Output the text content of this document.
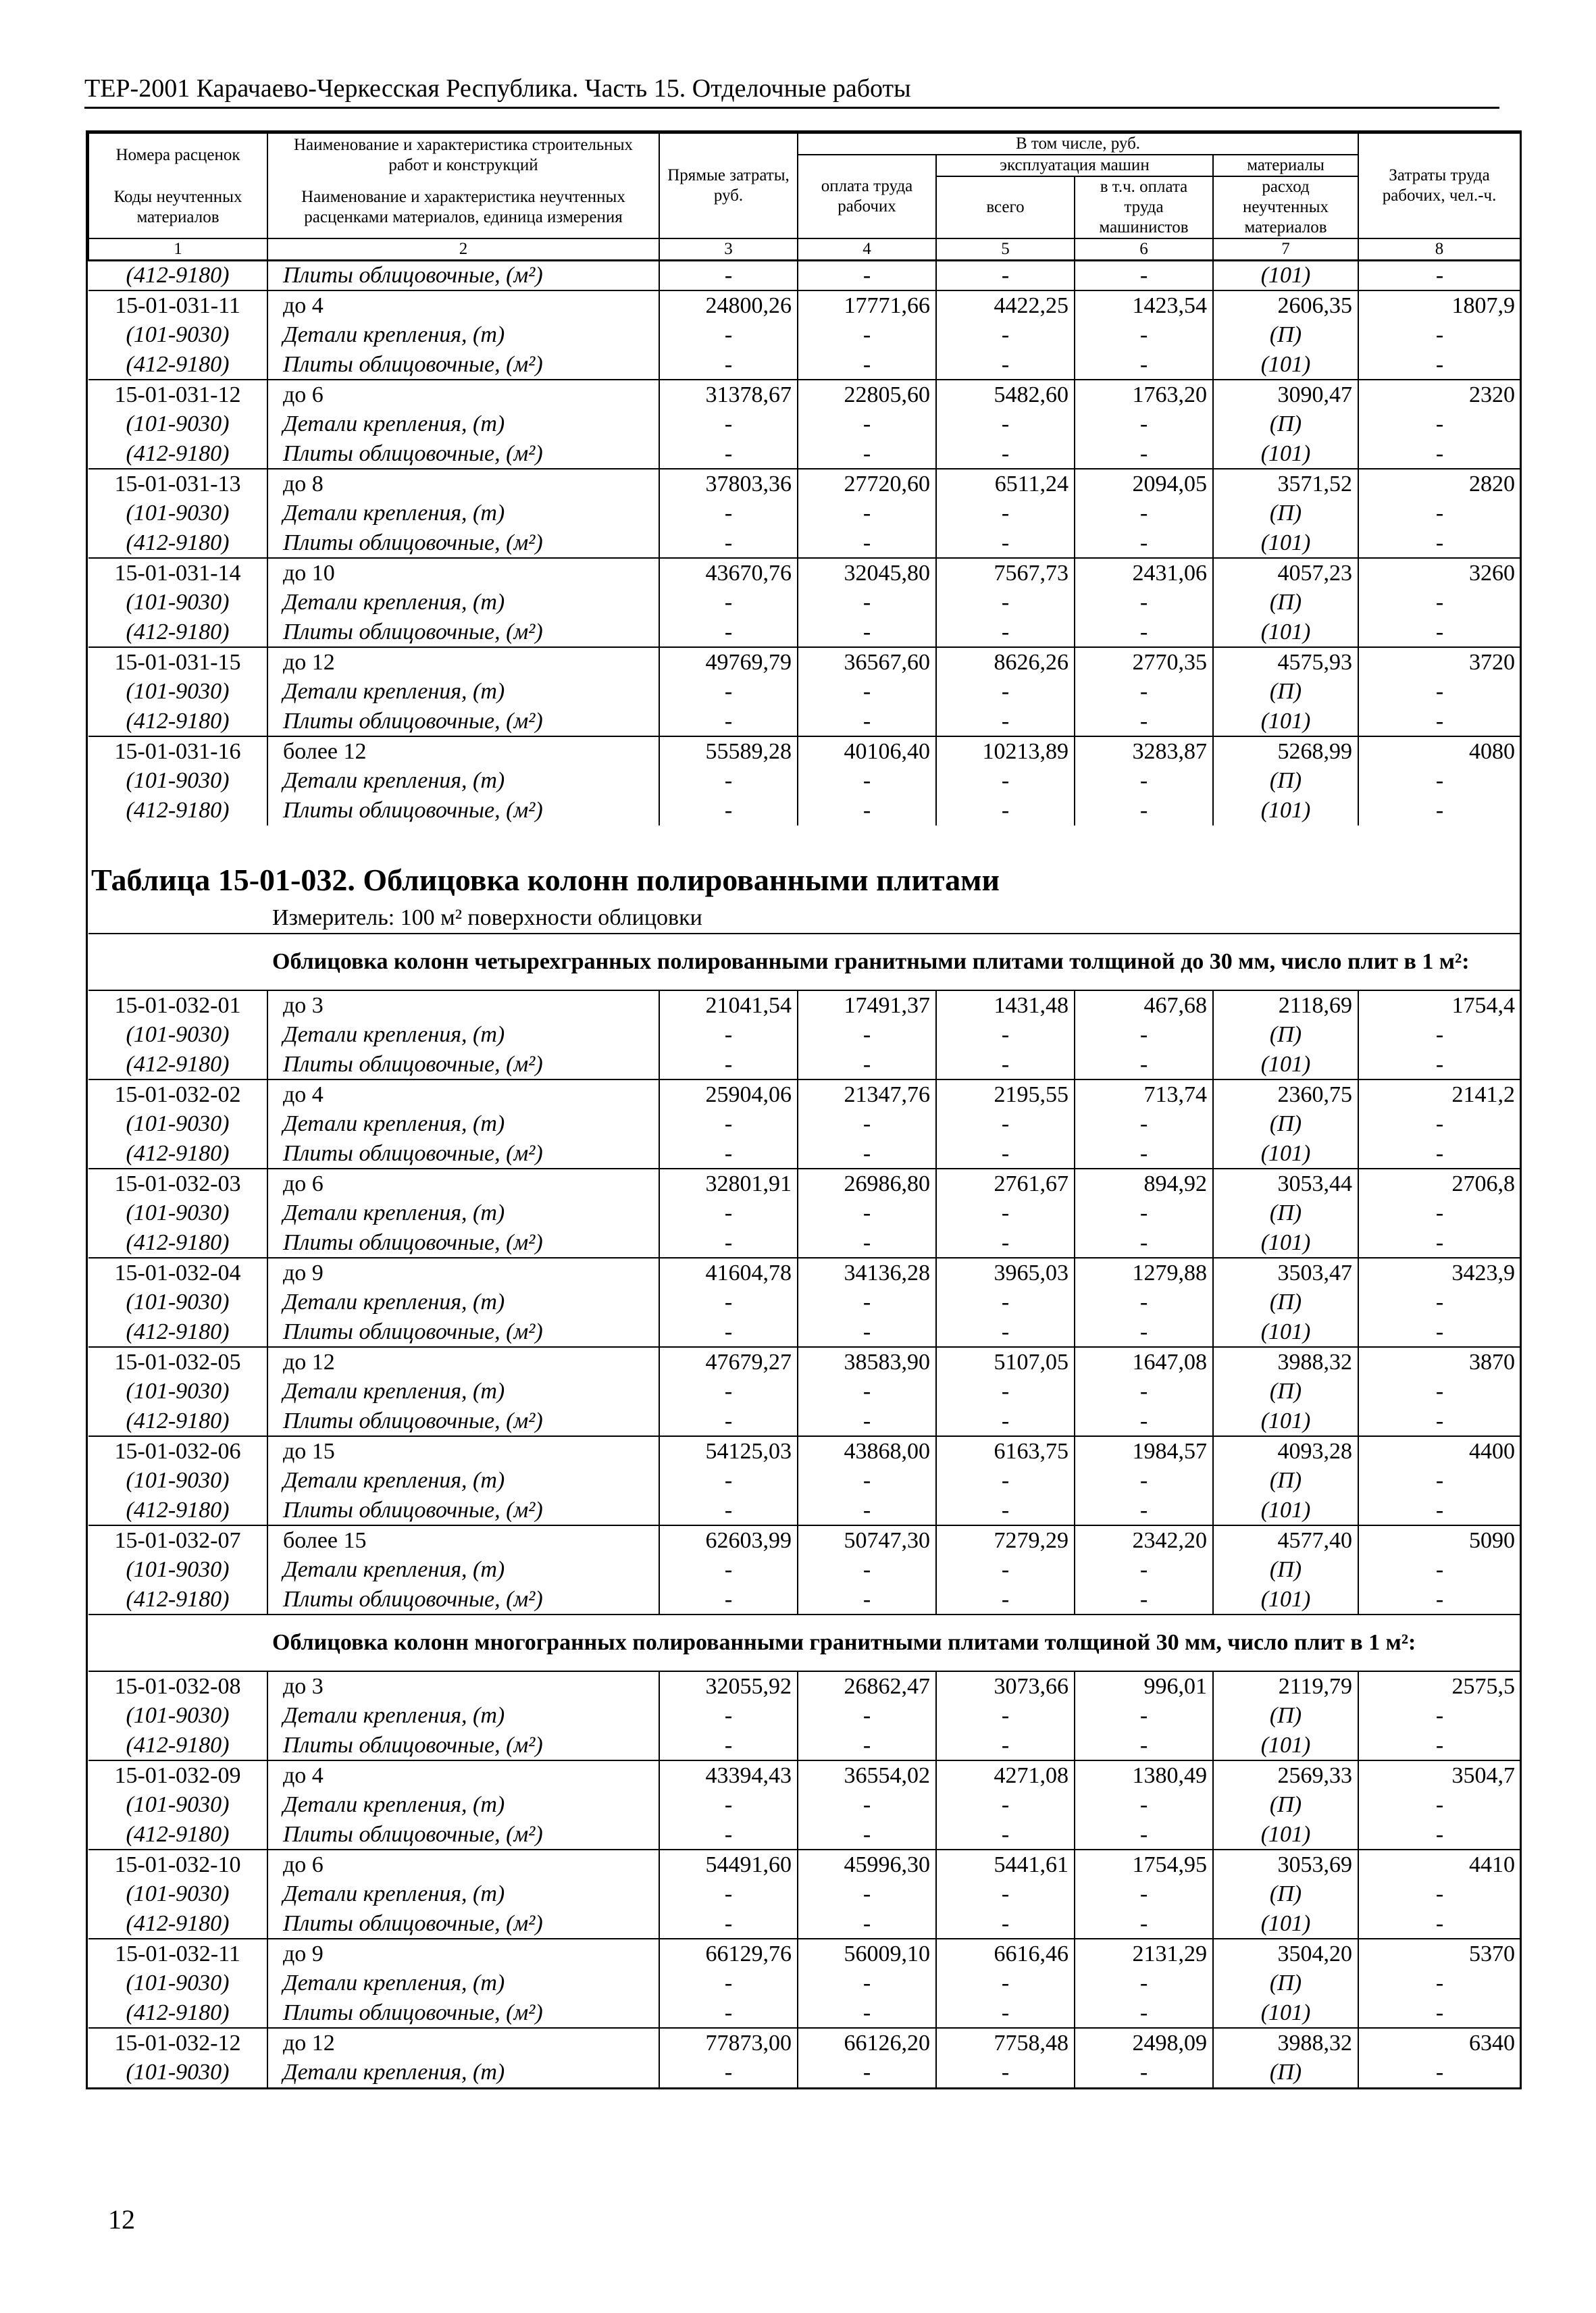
ТЕР-2001 Карачаево-Черкесская Республика. Часть 15. Отделочные работы
Номера расценок	Наименование и характеристика строительных работ и конструкций	Прямые затраты, руб.	В том числе, руб.				Затраты труда рабочих, чел.-ч.
			оплата труда рабочих	эксплуатация машин		материалы	
Коды неучтенных материалов	Наименование и характеристика неучтенных расценками материалов, единица измерения			всего	в т.ч. оплата труда машинистов	расход неучтенных материалов	

1	2	3	4	5	6	7	8
(412-9180)	Плиты облицовочные, (м²)	-	-	-	-	(101)	-
15-01-031-11	до 4	24800,26	17771,66	4422,25	1423,54	2606,35	1807,9
(101-9030)	Детали крепления, (т)	-	-	-	-	(П)	-
(412-9180)	Плиты облицовочные, (м²)	-	-	-	-	(101)	-
15-01-031-12	до 6	31378,67	22805,60	5482,60	1763,20	3090,47	2320
(101-9030)	Детали крепления, (т)	-	-	-	-	(П)	-
(412-9180)	Плиты облицовочные, (м²)	-	-	-	-	(101)	-
15-01-031-13	до 8	37803,36	27720,60	6511,24	2094,05	3571,52	2820
(101-9030)	Детали крепления, (т)	-	-	-	-	(П)	-
(412-9180)	Плиты облицовочные, (м²)	-	-	-	-	(101)	-
15-01-031-14	до 10	43670,76	32045,80	7567,73	2431,06	4057,23	3260
(101-9030)	Детали крепления, (т)	-	-	-	-	(П)	-
(412-9180)	Плиты облицовочные, (м²)	-	-	-	-	(101)	-
15-01-031-15	до 12	49769,79	36567,60	8626,26	2770,35	4575,93	3720
(101-9030)	Детали крепления, (т)	-	-	-	-	(П)	-
(412-9180)	Плиты облицовочные, (м²)	-	-	-	-	(101)	-
15-01-031-16	более 12	55589,28	40106,40	10213,89	3283,87	5268,99	4080
(101-9030)	Детали крепления, (т)	-	-	-	-	(П)	-
(412-9180)	Плиты облицовочные, (м²)	-	-	-	-	(101)	-

Таблица 15-01-032. Облицовка колонн полированными плитами							
Измеритель: 100 м² поверхности облицовки							
Облицовка колонн четырехгранных полированными гранитными плитами толщиной до 30 мм, число плит в 1 м²:							
15-01-032-01	до 3	21041,54	17491,37	1431,48	467,68	2118,69	1754,4
(101-9030)	Детали крепления, (т)	-	-	-	-	(П)	-
(412-9180)	Плиты облицовочные, (м²)	-	-	-	-	(101)	-
15-01-032-02	до 4	25904,06	21347,76	2195,55	713,74	2360,75	2141,2
(101-9030)	Детали крепления, (т)	-	-	-	-	(П)	-
(412-9180)	Плиты облицовочные, (м²)	-	-	-	-	(101)	-
15-01-032-03	до 6	32801,91	26986,80	2761,67	894,92	3053,44	2706,8
(101-9030)	Детали крепления, (т)	-	-	-	-	(П)	-
(412-9180)	Плиты облицовочные, (м²)	-	-	-	-	(101)	-
15-01-032-04	до 9	41604,78	34136,28	3965,03	1279,88	3503,47	3423,9
(101-9030)	Детали крепления, (т)	-	-	-	-	(П)	-
(412-9180)	Плиты облицовочные, (м²)	-	-	-	-	(101)	-
15-01-032-05	до 12	47679,27	38583,90	5107,05	1647,08	3988,32	3870
(101-9030)	Детали крепления, (т)	-	-	-	-	(П)	-
(412-9180)	Плиты облицовочные, (м²)	-	-	-	-	(101)	-
15-01-032-06	до 15	54125,03	43868,00	6163,75	1984,57	4093,28	4400
(101-9030)	Детали крепления, (т)	-	-	-	-	(П)	-
(412-9180)	Плиты облицовочные, (м²)	-	-	-	-	(101)	-
15-01-032-07	более 15	62603,99	50747,30	7279,29	2342,20	4577,40	5090
(101-9030)	Детали крепления, (т)	-	-	-	-	(П)	-
(412-9180)	Плиты облицовочные, (м²)	-	-	-	-	(101)	-
Облицовка колонн многогранных полированными гранитными плитами толщиной 30 мм, число плит в 1 м²:							
15-01-032-08	до 3	32055,92	26862,47	3073,66	996,01	2119,79	2575,5
(101-9030)	Детали крепления, (т)	-	-	-	-	(П)	-
(412-9180)	Плиты облицовочные, (м²)	-	-	-	-	(101)	-
15-01-032-09	до 4	43394,43	36554,02	4271,08	1380,49	2569,33	3504,7
(101-9030)	Детали крепления, (т)	-	-	-	-	(П)	-
(412-9180)	Плиты облицовочные, (м²)	-	-	-	-	(101)	-
15-01-032-10	до 6	54491,60	45996,30	5441,61	1754,95	3053,69	4410
(101-9030)	Детали крепления, (т)	-	-	-	-	(П)	-
(412-9180)	Плиты облицовочные, (м²)	-	-	-	-	(101)	-
15-01-032-11	до 9	66129,76	56009,10	6616,46	2131,29	3504,20	5370
(101-9030)	Детали крепления, (т)	-	-	-	-	(П)	-
(412-9180)	Плиты облицовочные, (м²)	-	-	-	-	(101)	-
15-01-032-12	до 12	77873,00	66126,20	7758,48	2498,09	3988,32	6340
(101-9030)	Детали крепления, (т)	-	-	-	-	(П)	-
12
